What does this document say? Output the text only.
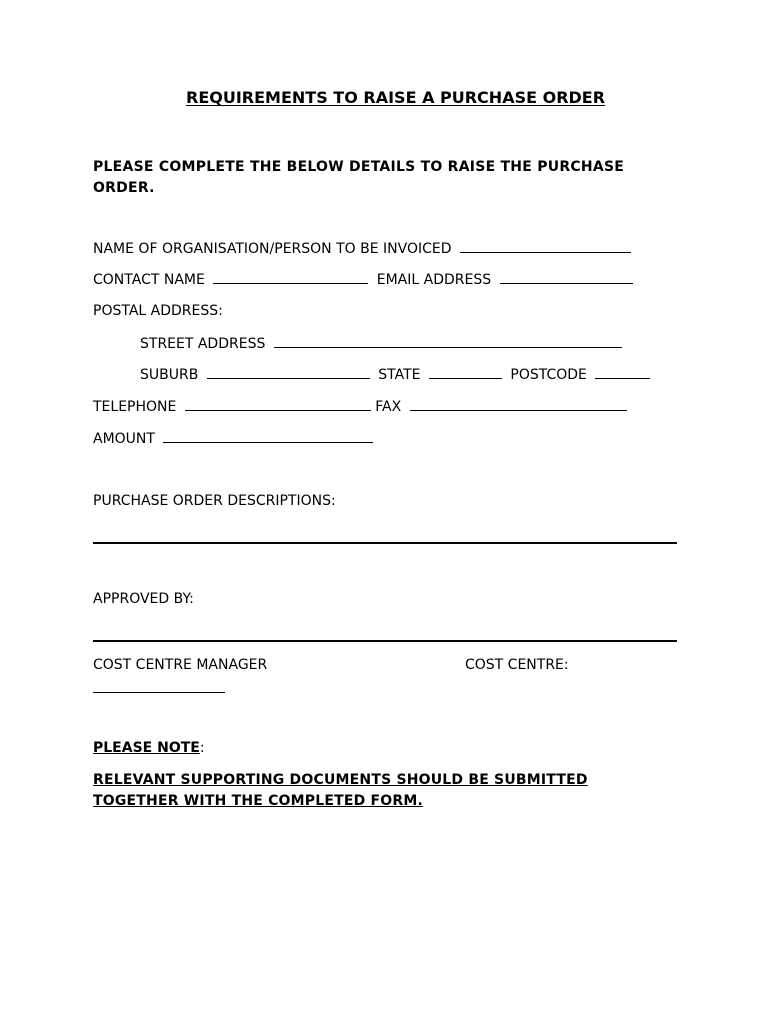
REQUIREMENTS TO RAISE A PURCHASE ORDER
PLEASE COMPLETE THE BELOW DETAILS TO RAISE THE PURCHASE ORDER.
NAME OF ORGANISATION/PERSON TO BE INVOICED
CONTACT NAME	EMAIL ADDRESS
POSTAL ADDRESS:
STREET ADDRESS
SUBURB	STATE	POSTCODE
TELEPHONE	FAX
AMOUNT
PURCHASE ORDER DESCRIPTIONS:
APPROVED BY:
COST CENTRE MANAGER	COST CENTRE:
PLEASE NOTE:
RELEVANT SUPPORTING DOCUMENTS SHOULD BE SUBMITTED TOGETHER WITH THE COMPLETED FORM.
